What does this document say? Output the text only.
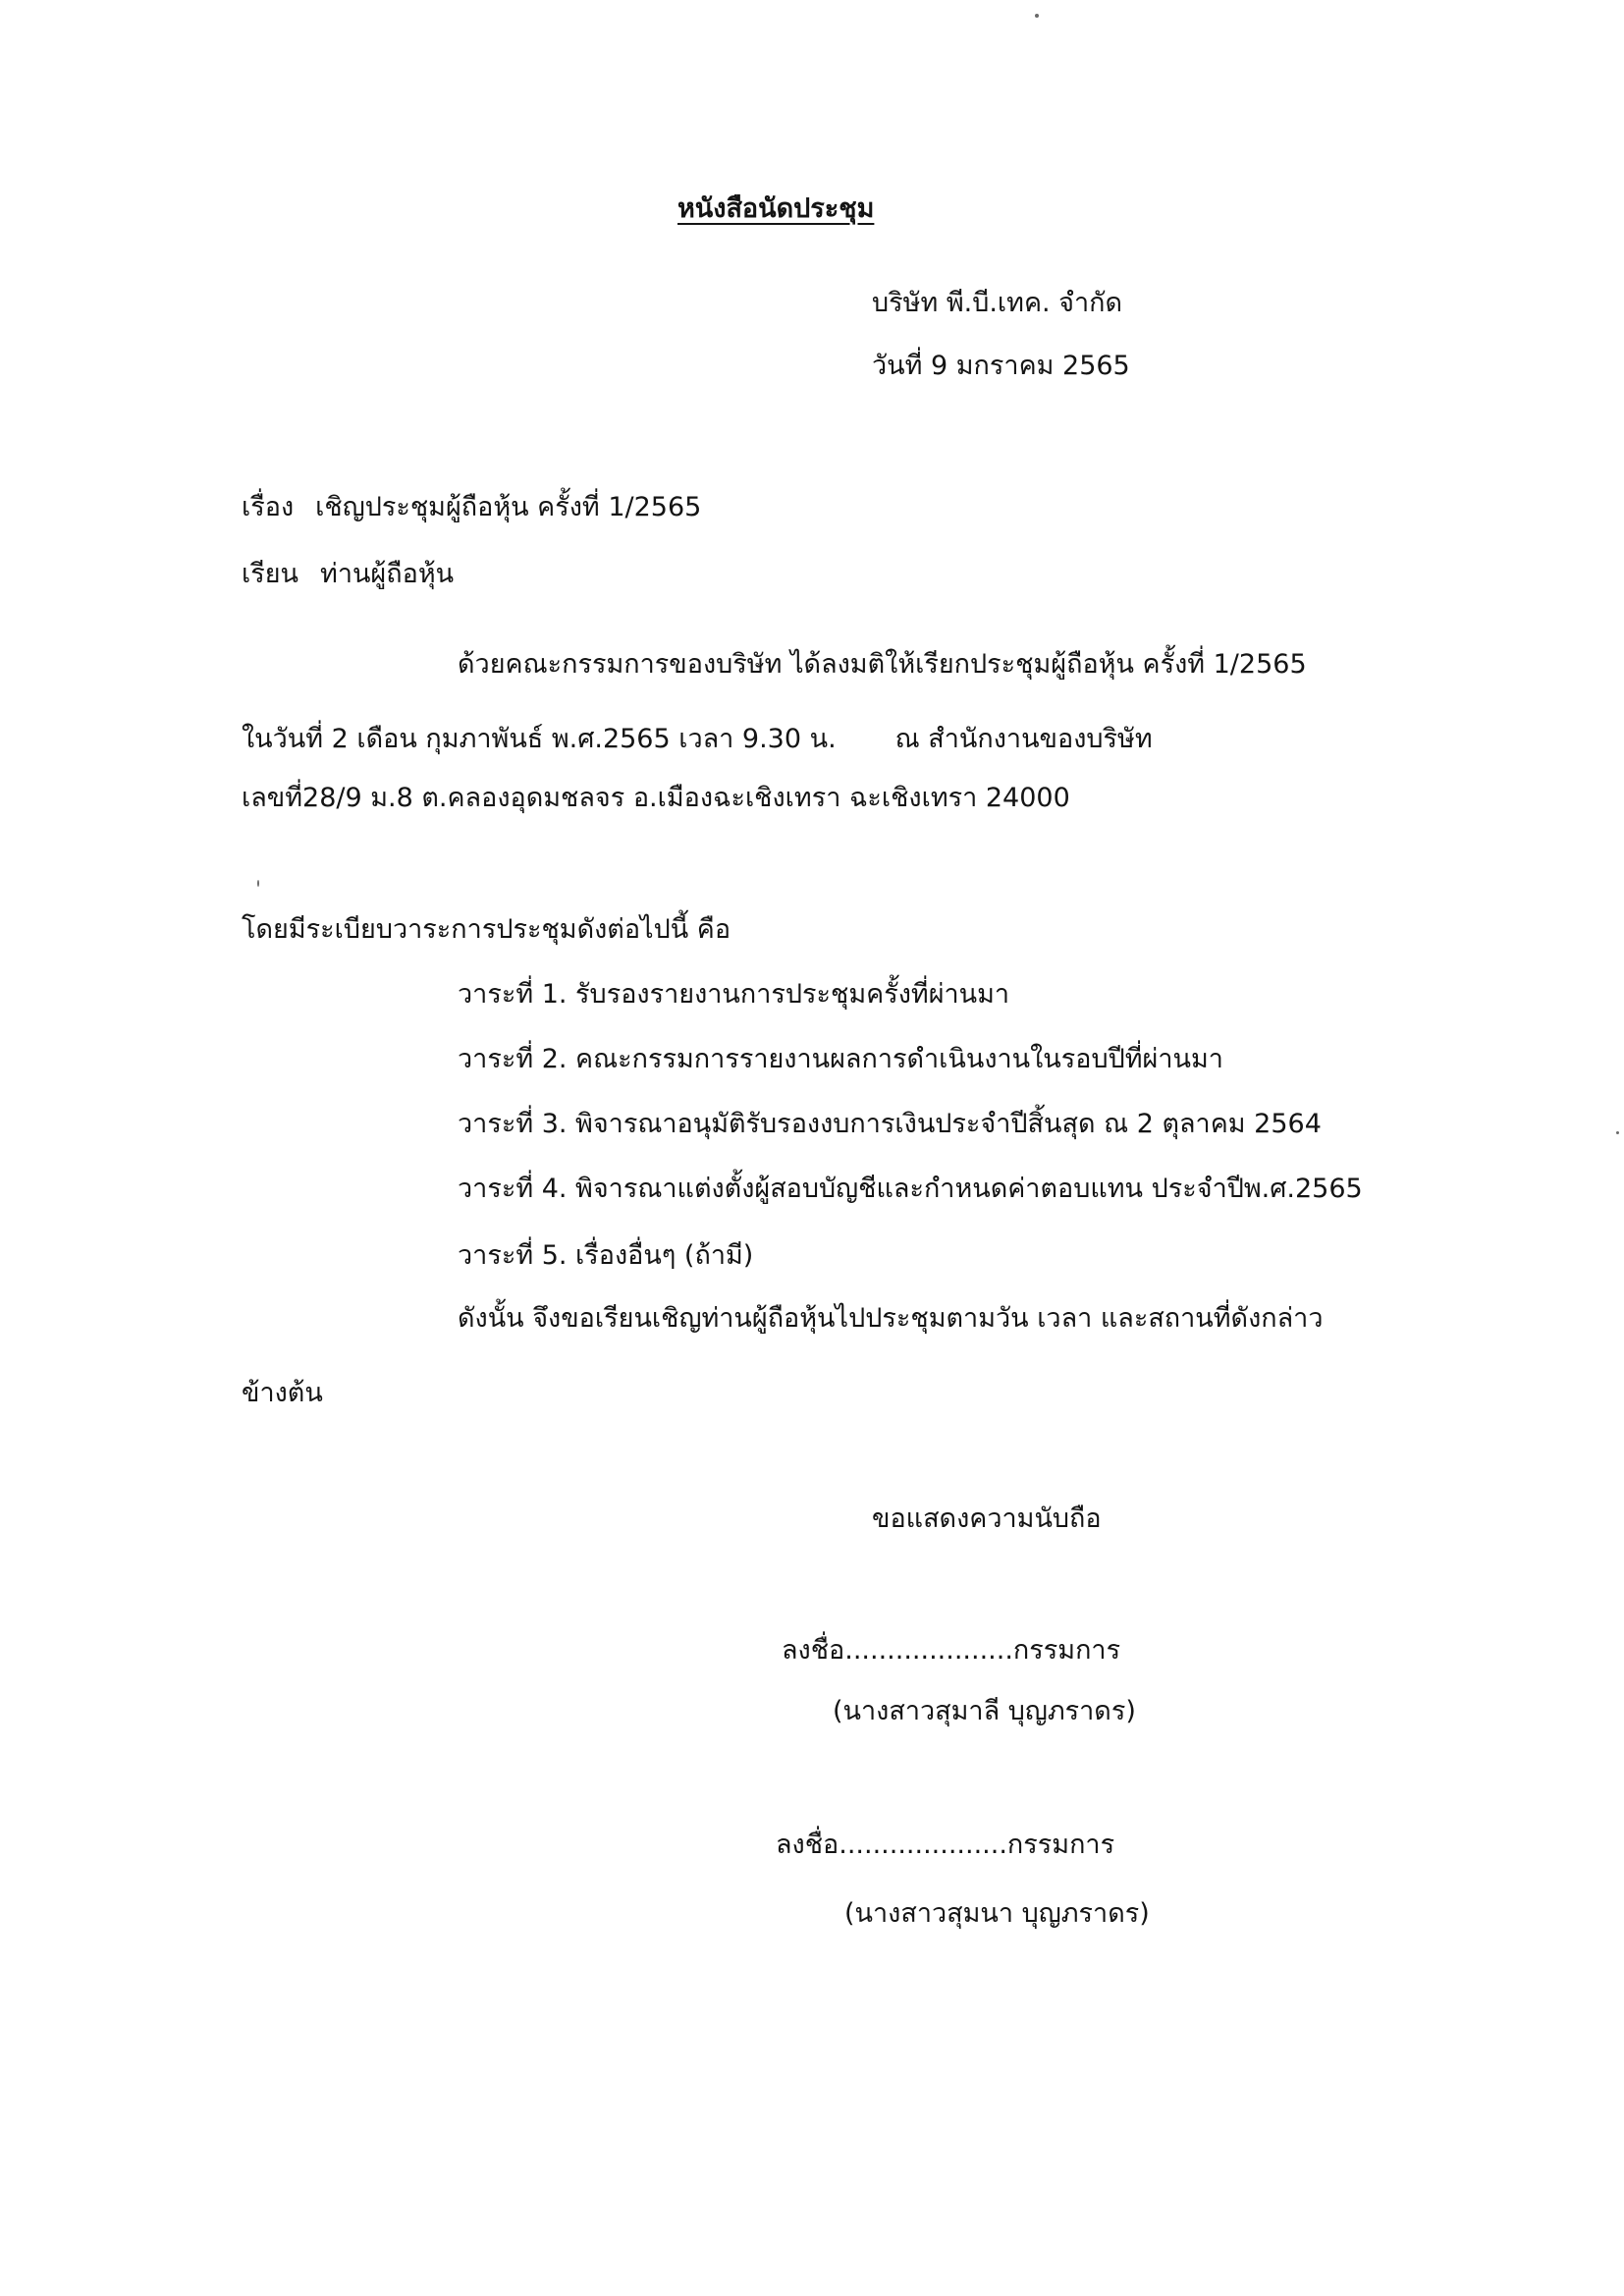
หนังสือนัดประชุม
บริษัท พี.บี.เทค. จำกัด
วันที่ 9 มกราคม 2565
เรื่อง เชิญประชุมผู้ถือหุ้น ครั้งที่ 1/2565
เรียน ท่านผู้ถือหุ้น
ด้วยคณะกรรมการของบริษัท ได้ลงมติให้เรียกประชุมผู้ถือหุ้น ครั้งที่ 1/2565
ในวันที่ 2 เดือน กุมภาพันธ์ พ.ศ.2565 เวลา 9.30 น. ณ สำนักงานของบริษัท
เลขที่28/9 ม.8 ต.คลองอุดมชลจร อ.เมืองฉะเชิงเทรา ฉะเชิงเทรา 24000
โดยมีระเบียบวาระการประชุมดังต่อไปนี้ คือ
วาระที่ 1. รับรองรายงานการประชุมครั้งที่ผ่านมา
วาระที่ 2. คณะกรรมการรายงานผลการดำเนินงานในรอบปีที่ผ่านมา
วาระที่ 3. พิจารณาอนุมัติรับรองงบการเงินประจำปีสิ้นสุด ณ 2 ตุลาคม 2564
วาระที่ 4. พิจารณาแต่งตั้งผู้สอบบัญชีและกำหนดค่าตอบแทน ประจำปีพ.ศ.2565
วาระที่ 5. เรื่องอื่นๆ (ถ้ามี)
ดังนั้น จึงขอเรียนเชิญท่านผู้ถือหุ้นไปประชุมตามวัน เวลา และสถานที่ดังกล่าว
ข้างต้น
ขอแสดงความนับถือ
ลงชื่อ....................กรรมการ
(นางสาวสุมาลี บุญภราดร)
ลงชื่อ....................กรรมการ
(นางสาวสุมนา บุญภราดร)
